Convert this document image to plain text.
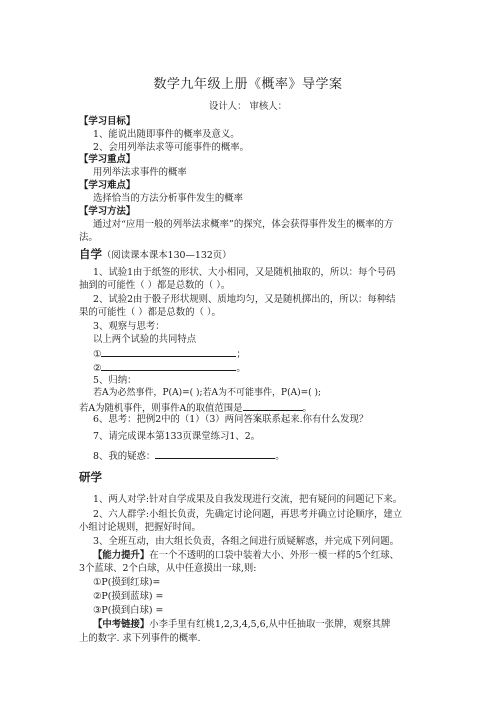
数学九年级上册《概率》导学案
设计人： 审核人：
【学习目标】
1、能说出随即事件的概率及意义。
2、会用列举法求等可能事件的概率。
【学习重点】
用列举法求事件的概率
【学习难点】
选择恰当的方法分析事件发生的概率
【学习方法】
通过对“应用一般的列举法求概率”的探究，体会获得事件发生的概率的方
法。
自学（阅读课本课本130—132页）
1、试验1由于纸签的形状、大小相同，又是随机抽取的，所以：每个号码
抽到的可能性（ ）都是总数的（ ）。
2、试验2由于骰子形状规则、质地均匀，又是随机掷出的，所以：每种结
果的可能性（ ）都是总数的（ ）。
3、观察与思考：
以上两个试验的共同特点
①	；
②	。
5、归纳：
若A为必然事件，P(A)=( );若A为不可能事件，P(A)=( );
若A为随机事件，则事件A的取值范围是	。
6、思考：把例2中的（1）（3）两问答案联系起来.你有什么发现？
7、请完成课本第133页课堂练习1、2。
8、我的疑惑：	。
研学
1、两人对学:针对自学成果及自我发现进行交流，把有疑问的问题记下来。
2、六人群学:小组长负责，先确定讨论问题，再思考并确立讨论顺序，建立
小组讨论规则，把握好时间。
3、全班互动，由大组长负责，各组之间进行质疑解惑，并完成下列问题。
【能力提升】在一个不透明的口袋中装着大小、外形一模一样的5个红球、
3个蓝球、2个白球，从中任意摸出一球,则:
①P(摸到红球)=
②P(摸到蓝球) =
③P(摸到白球) =
【中考链接】小李手里有红桃1,2,3,4,5,6,从中任抽取一张牌，观察其牌
上的数字. 求下列事件的概率.
